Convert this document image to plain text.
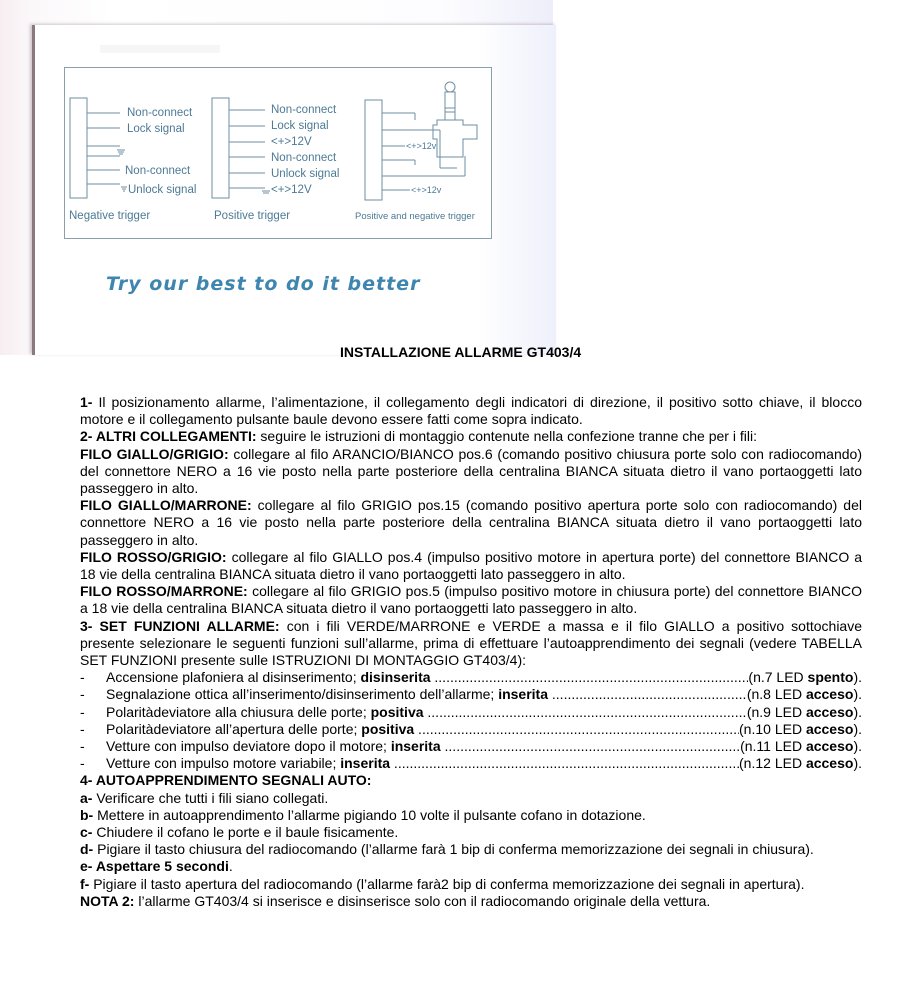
Non-connect
Lock signal
Non-connect
Unlock signal
Negative trigger
Non-connect
Lock signal
<+>12V
Non-connect
Unlock signal
<+>12V
Positive trigger
<+>12v
<+>12v
Positive and negative trigger
Try our best to do it better
INSTALLAZIONE ALLARME GT403/4

1- Il posizionamento allarme, l’alimentazione, il collegamento degli indicatori di direzione, il positivo sotto chiave, il blocco motore e il collegamento pulsante baule devono essere fatti come sopra indicato.

2- ALTRI COLLEGAMENTI: seguire le istruzioni di montaggio contenute nella confezione tranne che per i fili:

FILO GIALLO/GRIGIO: collegare al filo ARANCIO/BIANCO pos.6 (comando positivo chiusura porte solo con radiocomando) del connettore NERO a 16 vie posto nella parte posteriore della centralina BIANCA situata dietro il vano portaoggetti lato passeggero in alto.

FILO GIALLO/MARRONE: collegare al filo GRIGIO pos.15 (comando positivo apertura porte solo con radiocomando) del connettore NERO a 16 vie posto nella parte posteriore della centralina BIANCA situata dietro il vano portaoggetti lato passeggero in alto.

FILO ROSSO/GRIGIO: collegare al filo GIALLO pos.4 (impulso positivo motore in apertura porte) del connettore BIANCO a 18 vie della centralina BIANCA situata dietro il vano portaoggetti lato passeggero in alto.

FILO ROSSO/MARRONE: collegare al filo GRIGIO pos.5 (impulso positivo motore in chiusura porte) del connettore BIANCO a 18 vie della centralina BIANCA situata dietro il vano portaoggetti lato passeggero in alto.

3- SET FUNZIONI ALLARME: con i fili VERDE/MARRONE e VERDE a massa e il filo GIALLO a positivo sottochiave presente selezionare le seguenti funzioni sull’allarme, prima di effettuare l’autoapprendimento dei segnali (vedere TABELLA SET FUNZIONI presente sulle ISTRUZIONI DI MONTAGGIO GT403/4):

-	Accensione plafoniera al disinserimento; disinserita .....	(n.7 LED spento).
-	Segnalazione ottica all’inserimento/disinserimento dell’allarme; inserita .....	(n.8 LED acceso).
-	Polaritàdeviatore alla chiusura delle porte; positiva .....	(n.9 LED acceso).
-	Polaritàdeviatore all’apertura delle porte; positiva .....	(n.10 LED acceso).
-	Vetture con impulso deviatore dopo il motore; inserita .....	(n.11 LED acceso).
-	Vetture con impulso motore variabile; inserita .....	(n.12 LED acceso).

4- AUTOAPPRENDIMENTO SEGNALI AUTO:

a- Verificare che tutti i fili siano collegati.

b- Mettere in autoapprendimento l’allarme pigiando 10 volte il pulsante cofano in dotazione.

c- Chiudere il cofano le porte e il baule fisicamente.

d- Pigiare il tasto chiusura del radiocomando (l’allarme farà 1 bip di conferma memorizzazione dei segnali in chiusura).

e- Aspettare 5 secondi.

f- Pigiare il tasto apertura del radiocomando (l’allarme farà2 bip di conferma memorizzazione dei segnali in apertura).

NOTA 2: l’allarme GT403/4 si inserisce e disinserisce solo con il radiocomando originale della vettura.
